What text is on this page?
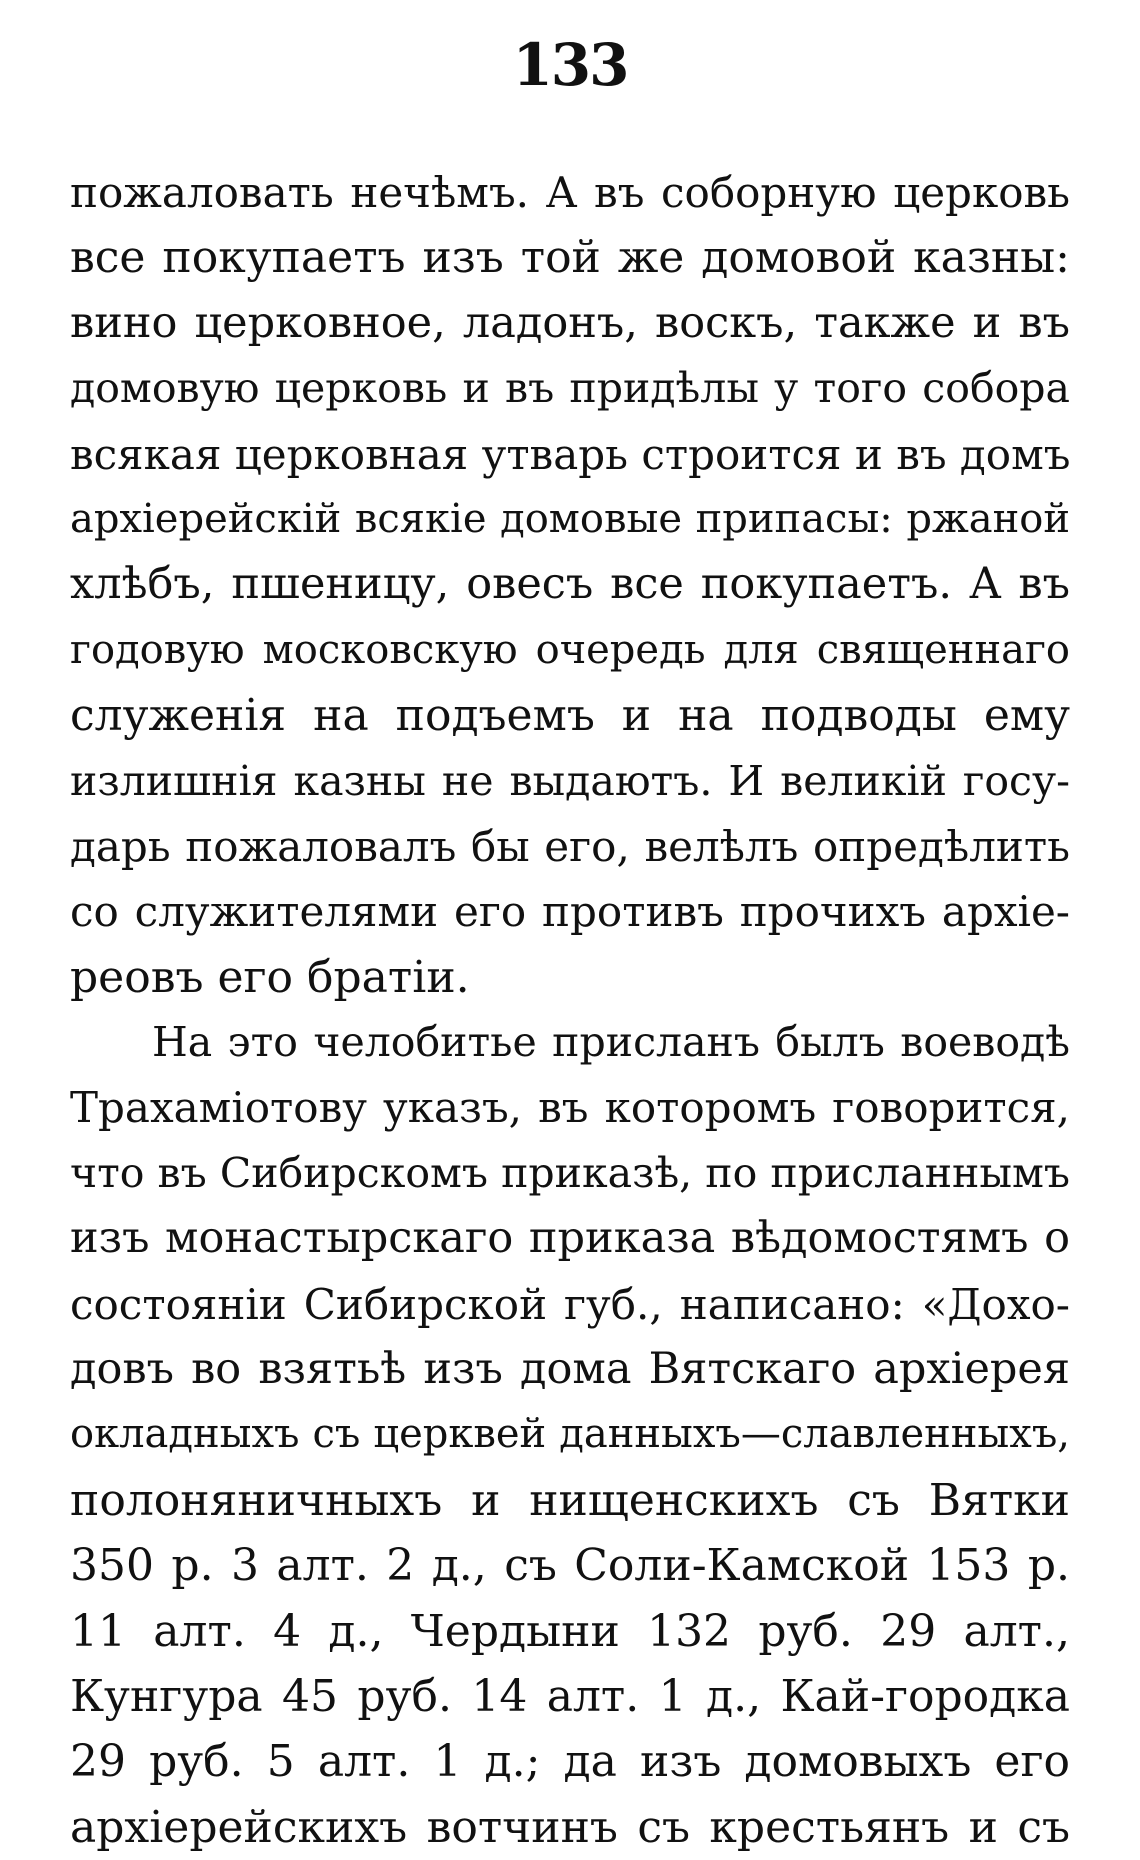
133
пожаловать нечѣмъ. А въ соборную церковь
все покупаетъ изъ той же домовой казны:
вино церковное, ладонъ, воскъ, также и въ
домовую церковь и въ придѣлы у того собора
всякая церковная утварь строится и въ домъ
архіерейскій всякіе домовые припасы: ржаной
хлѣбъ, пшеницу, овесъ все покупаетъ. А въ
годовую московскую очередь для священнаго
служенія на подъемъ и на подводы ему
излишнія казны не выдаютъ. И великій госу-
дарь пожаловалъ бы его, велѣлъ опредѣлить
со служителями его противъ прочихъ архіе-
реовъ его братіи.
На это челобитье присланъ былъ воеводѣ
Трахаміотову указъ, въ которомъ говорится,
что въ Сибирскомъ приказѣ, по присланнымъ
изъ монастырскаго приказа вѣдомостямъ о
состояніи Сибирской губ., написано: «Дохо-
довъ во взятьѣ изъ дома Вятскаго архіерея
окладныхъ съ церквей данныхъ—славленныхъ,
полоняничныхъ и нищенскихъ съ Вятки
350 р. 3 алт. 2 д., съ Соли-Камской 153 р.
11 алт. 4 д., Чердыни 132 руб. 29 алт.,
Кунгура 45 руб. 14 алт. 1 д., Кай-городка
29 руб. 5 алт. 1 д.; да изъ домовыхъ его
архіерейскихъ вотчинъ съ крестьянъ и съ
